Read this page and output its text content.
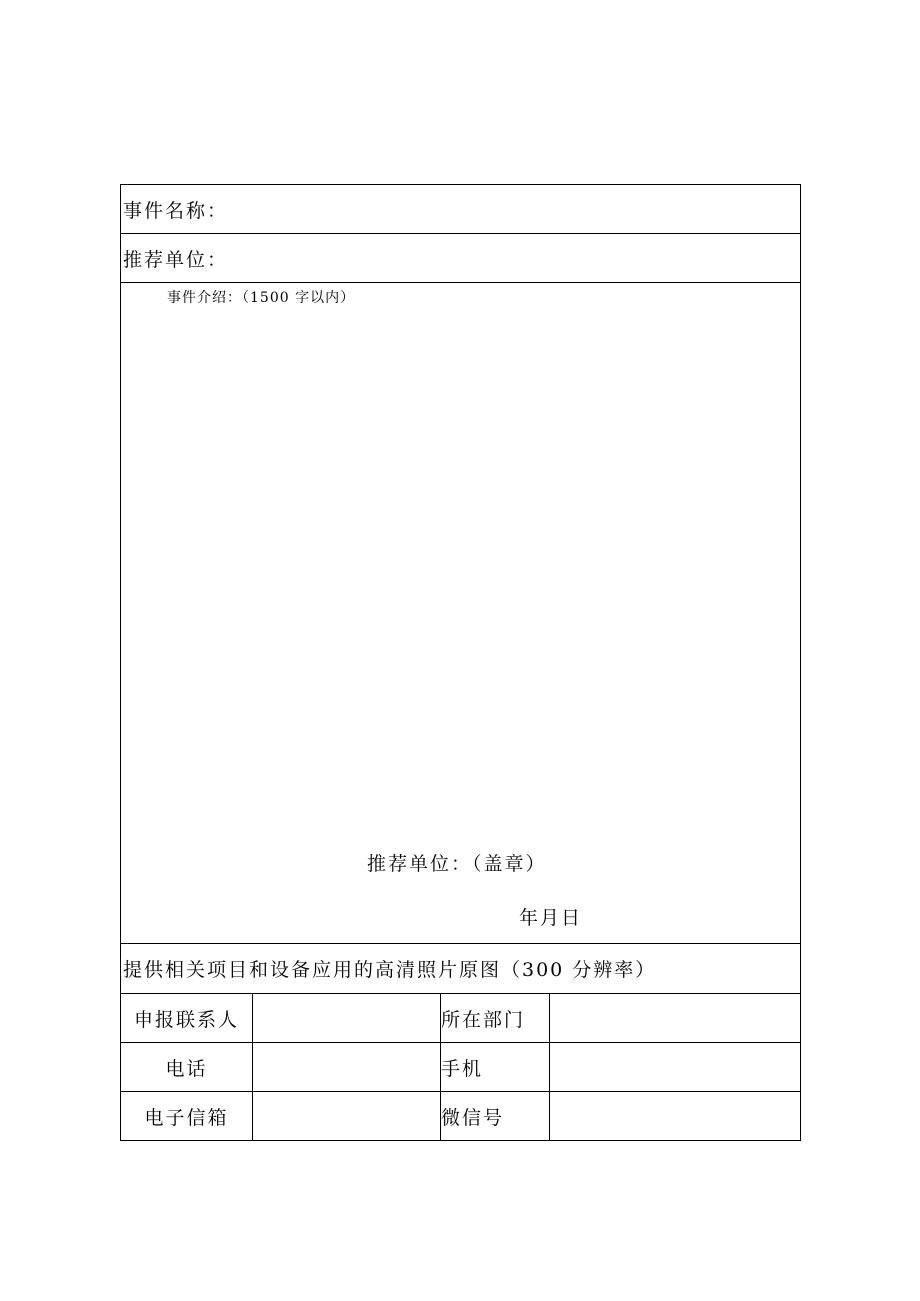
事件名称：			
推荐单位：			

事件介绍：（1500 字以内）
推荐单位：（盖章）
年月日			

提供相关项目和设备应用的高清照片原图（300 分辨率）			
申报联系人		所在部门	
电话		手机	
电子信箱		微信号	
